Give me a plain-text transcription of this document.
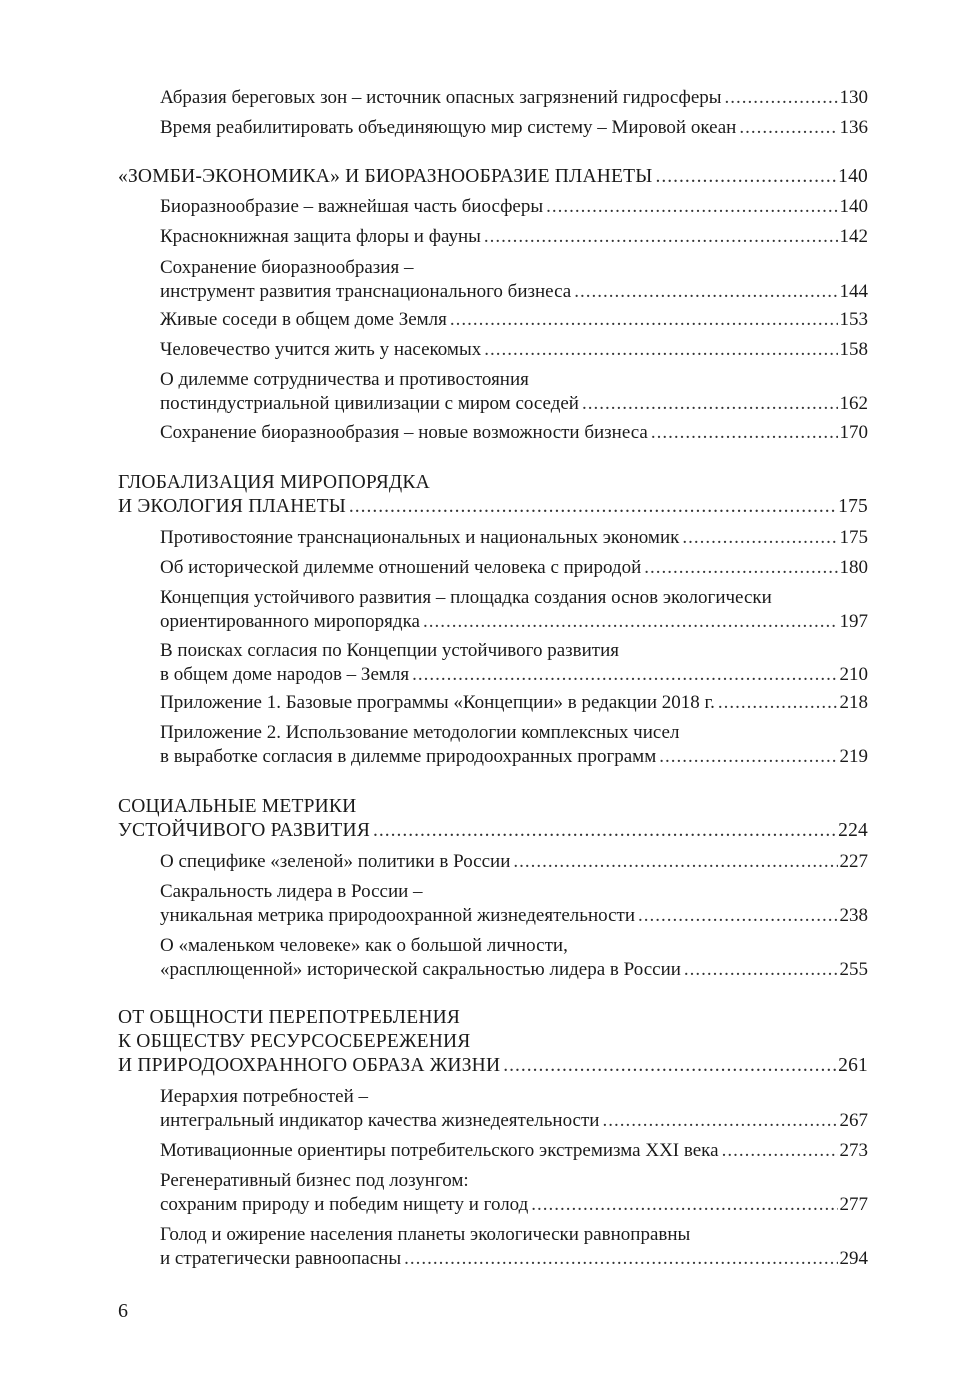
Абразия береговых зон – источник опасных загрязнений гидросферы .....	130
Время реабилитировать объединяющую мир систему – Мировой океан .....	136
«ЗОМБИ-ЭКОНОМИКА» И БИОРАЗНООБРАЗИЕ ПЛАНЕТЫ .....	140
Биоразнообразие – важнейшая часть биосферы .....	140
Краснокнижная защита флоры и фауны .....	142
Сохранение биоразнообразия –
инструмент развития транснационального бизнеса .....	144
Живые соседи в общем доме Земля .....	153
Человечество учится жить у насекомых .....	158
О дилемме сотрудничества и противостояния
постиндустриальной цивилизации с миром соседей .....	162
Сохранение биоразнообразия – новые возможности бизнеса .....	170
ГЛОБАЛИЗАЦИЯ МИРОПОРЯДКА
И ЭКОЛОГИЯ ПЛАНЕТЫ .....	175
Противостояние транснациональных и национальных экономик .....	175
Об исторической дилемме отношений человека с природой .....	180
Концепция устойчивого развития – площадка создания основ экологически
ориентированного миропорядка .....	197
В поисках согласия по Концепции устойчивого развития
в общем доме народов – Земля .....	210
Приложение 1. Базовые программы «Концепции» в редакции 2018 г. .....	218
Приложение 2. Использование методологии комплексных чисел
в выработке согласия в дилемме природоохранных программ .....	219
СОЦИАЛЬНЫЕ МЕТРИКИ
УСТОЙЧИВОГО РАЗВИТИЯ .....	224
О специфике «зеленой» политики в России .....	227
Сакральность лидера в России –
уникальная метрика природоохранной жизнедеятельности .....	238
О «маленьком человеке» как о большой личности,
«расплющенной» исторической сакральностью лидера в России .....	255
ОТ ОБЩНОСТИ ПЕРЕПОТРЕБЛЕНИЯ
К ОБЩЕСТВУ РЕСУРСОСБЕРЕЖЕНИЯ
И ПРИРОДООХРАННОГО ОБРАЗА ЖИЗНИ .....	261
Иерархия потребностей –
интегральный индикатор качества жизнедеятельности .....	267
Мотивационные ориентиры потребительского экстремизма XXI века .....	273
Регенеративный бизнес под лозунгом:
сохраним природу и победим нищету и голод .....	277
Голод и ожирение населения планеты экологически равноправны
и стратегически равноопасны .....	294
6
